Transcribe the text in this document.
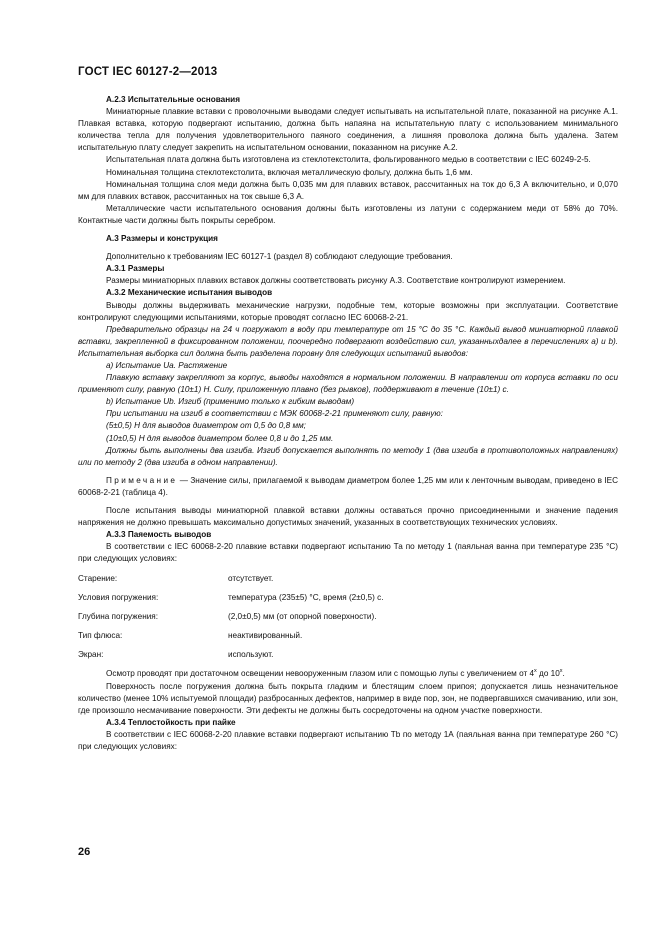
ГОСТ IEC 60127-2—2013

А.2.3 Испытательные основания

Миниатюрные плавкие вставки с проволочными выводами следует испытывать на испытательной плате, показанной на рисунке А.1. Плавкая вставка, которую подвергают испытанию, должна быть напаяна на испытательную плату с использованием минимального количества тепла для получения удовлетворительного паяного соединения, а лишняя проволока должна быть удалена. Затем испытательную плату следует закрепить на испытательном основании, показанном на рисунке А.2.

Испытательная плата должна быть изготовлена из стеклотекстолита, фольгированного медью в соответствии с IEC 60249-2-5.

Номинальная толщина стеклотекстолита, включая металлическую фольгу, должна быть 1,6 мм.

Номинальная толщина слоя меди должна быть 0,035 мм для плавких вставок, рассчитанных на ток до 6,3 А включительно, и 0,070 мм для плавких вставок, рассчитанных на ток свыше 6,3 А.

Металлические части испытательного основания должны быть изготовлены из латуни с содержанием меди от 58% до 70%. Контактные части должны быть покрыты серебром.

А.3 Размеры и конструкция

Дополнительно к требованиям IEC 60127-1 (раздел 8) соблюдают следующие требования.

А.3.1 Размеры

Размеры миниатюрных плавких вставок должны соответствовать рисунку А.3. Соответствие контролируют измерением.

А.3.2 Механические испытания выводов

Выводы должны выдерживать механические нагрузки, подобные тем, которые возможны при эксплуатации. Соответствие контролируют следующими испытаниями, которые проводят согласно IEC 60068-2-21.

Предварительно образцы на 24 ч погружают в воду при температуре от 15 °С до 35 °С. Каждый вывод миниатюрной плавкой вставки, закрепленной в фиксированном положении, поочередно подвергают воздействию сил, указанныхдалее в перечислениях а) и b). Испытательная выборка сил должна быть разделена поровну для следующих испытаний выводов:

а) Испытание Uа. Растяжение

Плавкую вставку закрепляют за корпус, выводы находятся в нормальном положении. В направлении от корпуса вставки по оси применяют силу, равную (10±1) Н. Силу, приложенную плавно (без рывков), поддерживают в течение (10±1) с.

b) Испытание Ub. Изгиб (применимо только к гибким выводам)

При испытании на изгиб в соответствии с МЭК 60068-2-21 применяют силу, равную:

(5±0,5) Н для выводов диаметром от 0,5 до 0,8 мм;

(10±0,5) Н для выводов диаметром более 0,8 и до 1,25 мм.

Должны быть выполнены два изгиба. Изгиб допускается выполнять по методу 1 (два изгиба в противоположных направлениях) или по методу 2 (два изгиба в одном направлении).

Примечание — Значение силы, прилагаемой к выводам диаметром более 1,25 мм или к ленточным выводам, приведено в IEC 60068-2-21 (таблица 4).

После испытания выводы миниатюрной плавкой вставки должны оставаться прочно присоединенными и значение падения напряжения не должно превышать максимально допустимых значений, указанных в соответствующих технических условиях.

А.3.3 Паяемость выводов

В соответствии с IEC 60068-2-20 плавкие вставки подвергают испытанию Та по методу 1 (паяльная ванна при температуре 235 °С) при следующих условиях:

Старение:	отсутствует.
Условия погружения:	температура (235±5) °С, время (2±0,5) с.
Глубина погружения:	(2,0±0,5) мм (от опорной поверхности).
Тип флюса:	неактивированный.
Экран:	используют.

Осмотр проводят при достаточном освещении невооруженным глазом или с помощью лупы с увеличением от $4^х$ до $10^х$.

Поверхность после погружения должна быть покрыта гладким и блестящим слоем припоя; допускается лишь незначительное количество (менее 10% испытуемой площади) разбросанных дефектов, например в виде пор, зон, не подвергавшихся смачиванию, или зон, где произошло несмачивание поверхности. Эти дефекты не должны быть сосредоточены на одном участке поверхности.

А.3.4 Теплостойкость при пайке

В соответствии с IEC 60068-2-20 плавкие вставки подвергают испытанию Тb по методу 1А (паяльная ванна при температуре 260 °С) при следующих условиях:

26
